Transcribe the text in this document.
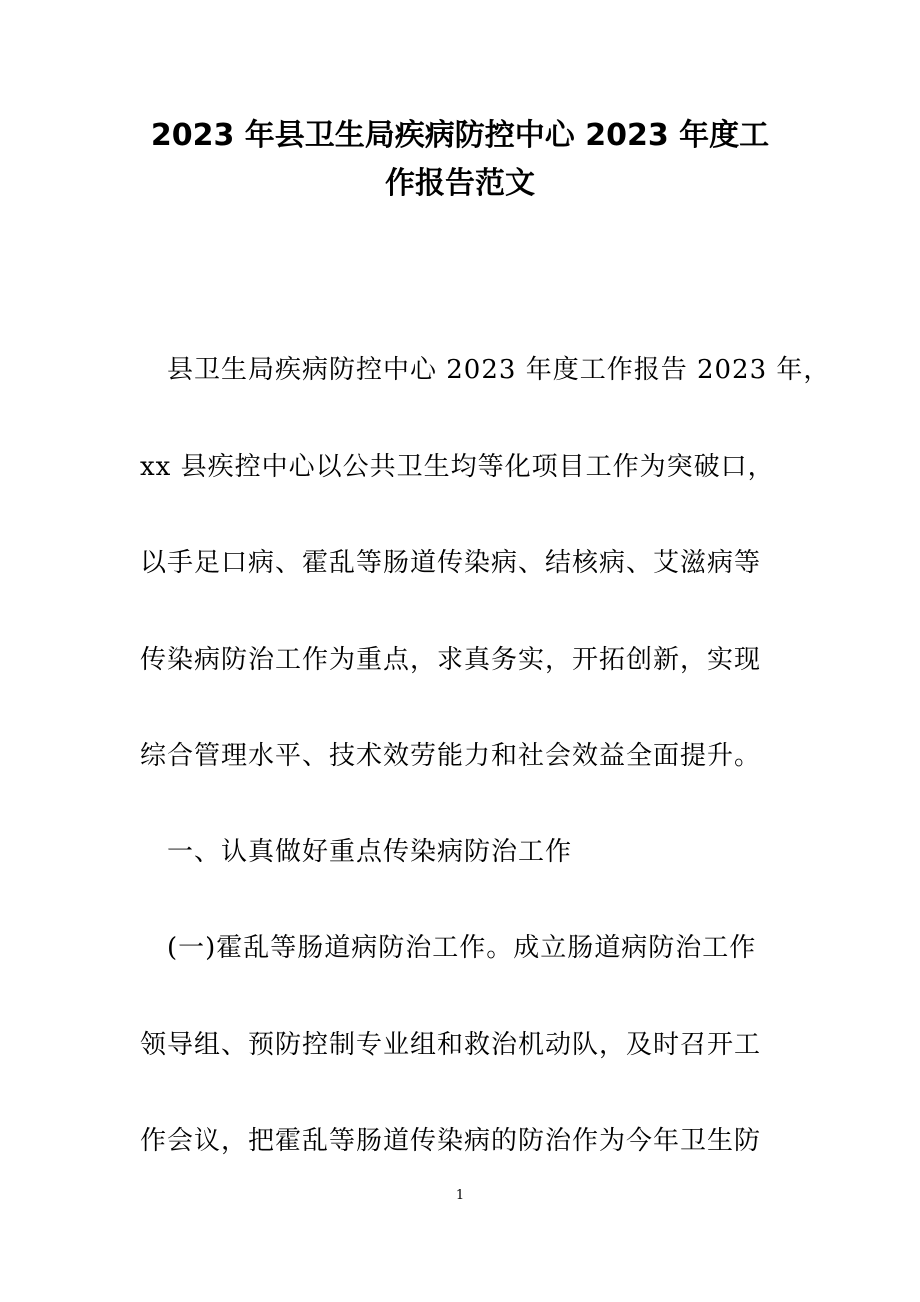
2023 年县卫生局疾病防控中心 2023 年度工
作报告范文
　县卫生局疾病防控中心 2023 年度工作报告 2023 年，
xx 县疾控中心以公共卫生均等化项目工作为突破口，
以手足口病、霍乱等肠道传染病、结核病、艾滋病等
传染病防治工作为重点，求真务实，开拓创新，实现
综合管理水平、技术效劳能力和社会效益全面提升。
　一、认真做好重点传染病防治工作
　(一)霍乱等肠道病防治工作。成立肠道病防治工作
领导组、预防控制专业组和救治机动队，及时召开工
作会议，把霍乱等肠道传染病的防治作为今年卫生防
1
